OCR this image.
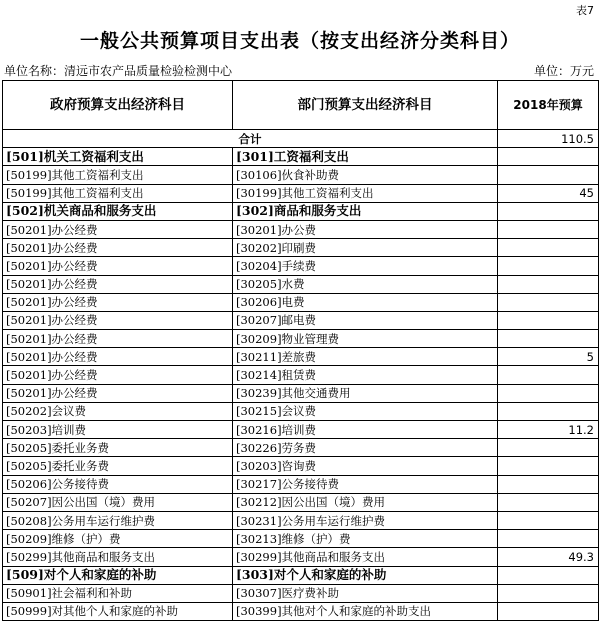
表7
一般公共预算项目支出表（按支出经济分类科目）
单位名称：清远市农产品质量检验检测中心	单位：万元
政府预算支出经济科目	部门预算支出经济科目	2018年预算
合计		110.5
[501]机关工资福利支出	[301]工资福利支出	
[50199]其他工资福利支出	[30106]伙食补助费	
[50199]其他工资福利支出	[30199]其他工资福利支出	45
[502]机关商品和服务支出	[302]商品和服务支出	
[50201]办公经费	[30201]办公费	
[50201]办公经费	[30202]印刷费	
[50201]办公经费	[30204]手续费	
[50201]办公经费	[30205]水费	
[50201]办公经费	[30206]电费	
[50201]办公经费	[30207]邮电费	
[50201]办公经费	[30209]物业管理费	
[50201]办公经费	[30211]差旅费	5
[50201]办公经费	[30214]租赁费	
[50201]办公经费	[30239]其他交通费用	
[50202]会议费	[30215]会议费	
[50203]培训费	[30216]培训费	11.2
[50205]委托业务费	[30226]劳务费	
[50205]委托业务费	[30203]咨询费	
[50206]公务接待费	[30217]公务接待费	
[50207]因公出国（境）费用	[30212]因公出国（境）费用	
[50208]公务用车运行维护费	[30231]公务用车运行维护费	
[50209]维修（护）费	[30213]维修（护）费	
[50299]其他商品和服务支出	[30299]其他商品和服务支出	49.3
[509]对个人和家庭的补助	[303]对个人和家庭的补助	
[50901]社会福利和补助	[30307]医疗费补助	
[50999]对其他个人和家庭的补助	[30399]其他对个人和家庭的补助支出	
